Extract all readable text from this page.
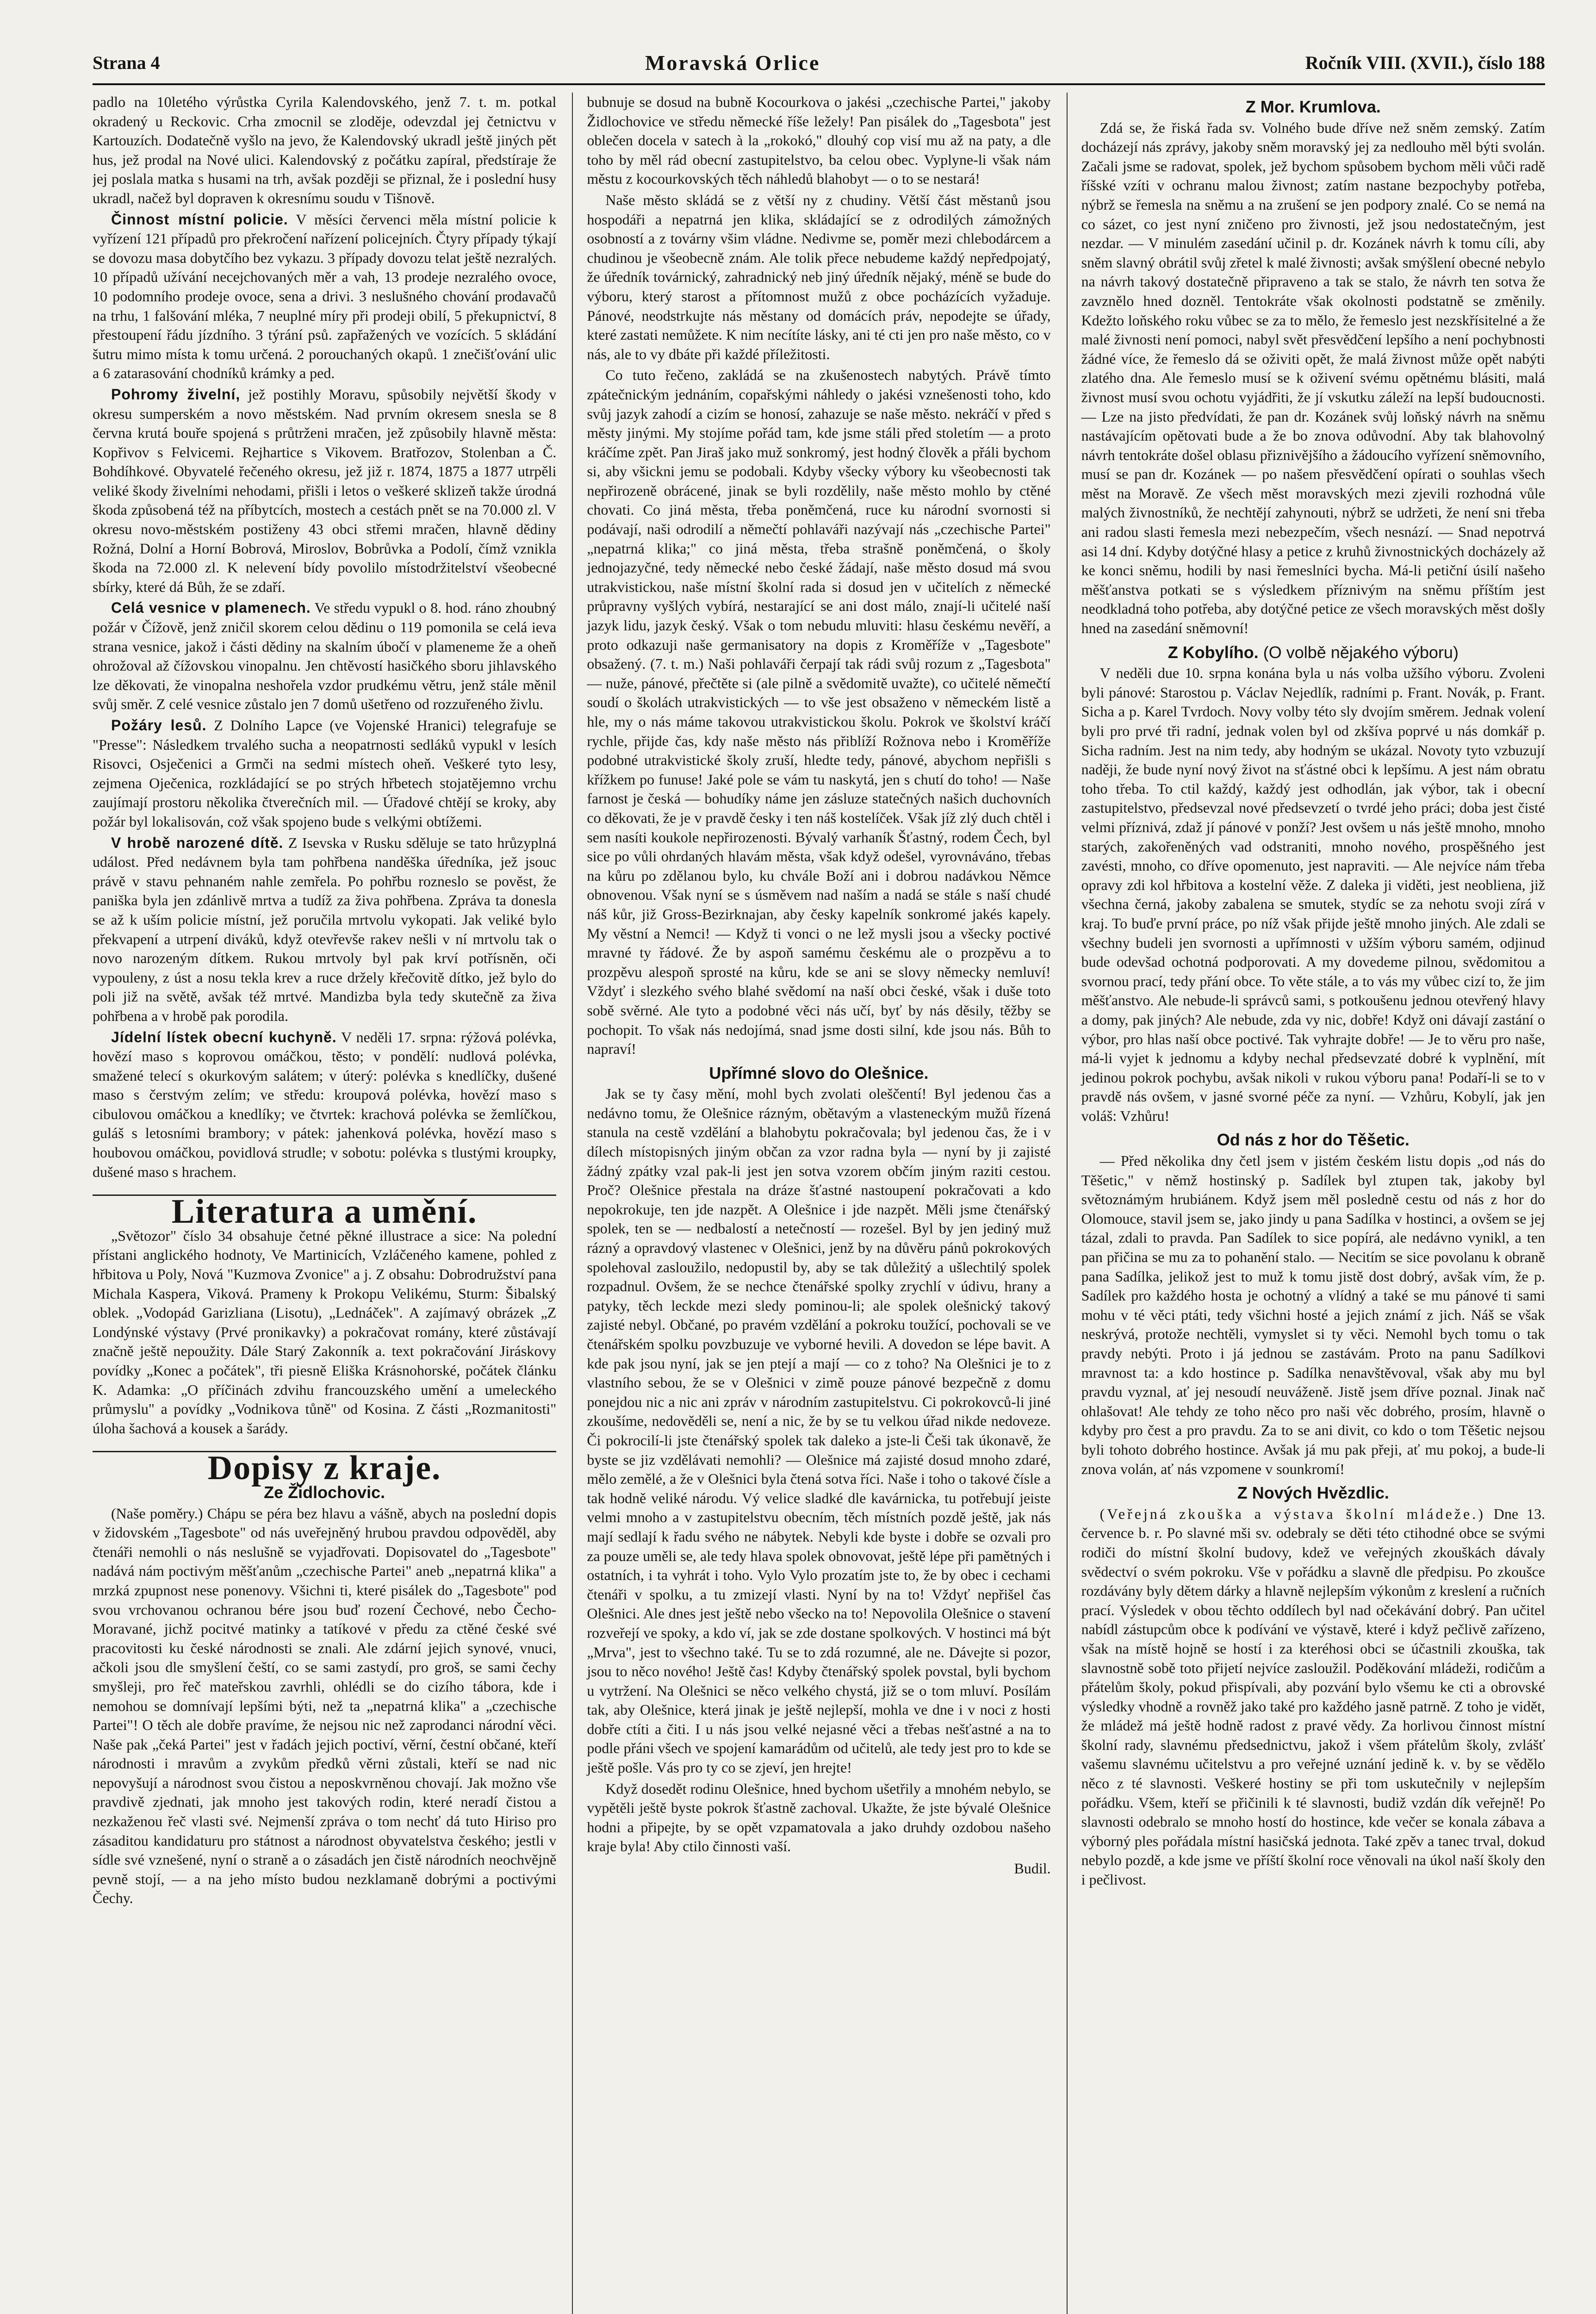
Strana 4	Moravská Orlice	Ročník VIII. (XVII.), číslo 188

padlo na 10letého výrůstka Cyrila Kalendovského, jenž 7. t. m. potkal okradený u Reckovic. Crha zmocnil se zloděje, odevzdal jej četnictvu v Kartouzích. Dodatečně vyšlo na jevo, že Kalendovský ukradl ještě jiných pět hus, jež prodal na Nové ulici. Kalendovský z počátku zapíral, předstíraje že jej poslala matka s husami na trh, avšak později se přiznal, že i poslední husy ukradl, načež byl dopraven k okresnímu soudu v Tišnově.

Činnost místní policie. V měsíci červenci měla místní policie k vyřízení 121 případů pro překročení nařízení policejních. Čtyry případy týkají se dovozu masa dobytčího bez vykazu. 3 případy dovozu telat ještě nezralých. 10 případů užívání necejchovaných měr a vah, 13 prodeje nezralého ovoce, 10 podomního prodeje ovoce, sena a drivi. 3 neslušného chování prodavačů na trhu, 1 falšování mléka, 7 neuplné míry při prodeji obilí, 5 překupnictví, 8 přestoupení řádu jízdního. 3 týrání psů. zapřažených ve vozících. 5 skládání šutru mimo místa k tomu určená. 2 porouchaných okapů. 1 znečišťování ulic a 6 zatarasování chodníků krámky a ped.

Pohromy živelní, jež postihly Moravu, spůsobily největší škody v okresu sumperském a novo městském. Nad prvním okresem snesla se 8 června krutá bouře spojená s průtrženi mračen, jež způsobily hlavně města: Kopřivov s Felvicemi. Rejhartice s Vikovem. Bratřozov, Stolenban a Č. Bohdíhkové. Obyvatelé řečeného okresu, jež již r. 1874, 1875 a 1877 utrpěli veliké škody živelními nehodami, přišli i letos o veškeré sklizeň takže úrodná škoda způsobená též na příbytcích, mostech a cestách pnět se na 70.000 zl. V okresu novo-městském postiženy 43 obci střemi mračen, hlavně dědiny Rožná, Dolní a Horní Bobrová, Miroslov, Bobrůvka a Podolí, čímž vznikla škoda na 72.000 zl. K nelevení bídy povolilo místodržitelství všeobecné sbírky, které dá Bůh, že se zdaří.

Celá vesnice v plamenech. Ve středu vypukl o 8. hod. ráno zhoubný požár v Čížově, jenž zničil skorem celou dědinu o 119 pomonila se celá ieva strana vesnice, jakož i části dědiny na skalním úbočí v plameneme že a oheň ohrožoval až čížovskou vinopalnu. Jen chtěvostí hasičkého sboru jihlavského lze děkovati, že vinopalna neshořela vzdor prudkému větru, jenž stále měnil svůj směr. Z celé vesnice zůstalo jen 7 domů ušetřeno od rozzuřeného živlu.

Požáry lesů. Z Dolního Lapce (ve Vojenské Hranici) telegrafuje se "Presse": Následkem trvalého sucha a neopatrnosti sedláků vypukl v lesích Risovci, Osječenici a Grmči na sedmi místech oheň. Veškeré tyto lesy, zejmena Oječenica, rozkládající se po strých hřbetech stojatějemno vrchu zaujímají prostoru několika čtverečních mil. — Úřadové chtějí se kroky, aby požár byl lokalisován, což však spojeno bude s velkými obtížemi.

V hrobě narozené dítě. Z Isevska v Rusku sděluje se tato hrůzyplná událost. Před nedávnem byla tam pohřbena nanděška úředníka, jež jsouc právě v stavu pehnaném nahle zemřela. Po pohřbu rozneslo se pověst, že paniška byla jen zdánlivě mrtva a tudíž za živa pohřbena. Zpráva ta donesla se až k uším policie místní, jež poručila mrtvolu vykopati. Jak veliké bylo překvapení a utrpení diváků, když otevřevše rakev nešli v ní mrtvolu tak o novo narozeným dítkem. Rukou mrtvoly byl pak krví potřísněn, oči vypouleny, z úst a nosu tekla krev a ruce držely křečovitě dítko, jež bylo do poli již na světě, avšak též mrtvé. Mandizba byla tedy skutečně za živa pohřbena a v hrobě pak porodila.

Jídelní lístek obecní kuchyně. V neděli 17. srpna: rýžová polévka, hovězí maso s koprovou omáčkou, těsto; v pondělí: nudlová polévka, smažené telecí s okurkovým salátem; v úterý: polévka s knedlíčky, dušené maso s čerstvým zelím; ve středu: kroupová polévka, hovězí maso s cibulovou omáčkou a knedlíky; ve čtvrtek: krachová polévka se žemlíčkou, guláš s letosními brambory; v pátek: jahenková polévka, hovězí maso s houbovou omáčkou, povidlová strudle; v sobotu: polévka s tlustými kroupky, dušené maso s hrachem.

Literatura a umění.

„Světozor" číslo 34 obsahuje četné pěkné illustrace a sice: Na polední přístani anglického hodnoty, Ve Martinicích, Vzláčeného kamene, pohled z hřbitova u Poly, Nová "Kuzmova Zvonice" a j. Z obsahu: Dobrodružství pana Michala Kaspera, Viková. Prameny k Prokopu Velikému, Sturm: Šibalský oblek. „Vodopád Garizliana (Lisotu), „Lednáček". A zajímavý obrázek „Z Londýnské výstavy (Prvé pronikavky) a pokračovat romány, které zůstávají značně ještě nepoužity. Dále Starý Zakonník a. text pokračování Jiráskovy povídky „Konec a počátek", tři piesně Eliška Krásnohorské, počátek článku K. Adamka: „O příčinách zdvihu francouzského umění a umeleckého průmyslu" a povídky „Vodnikova tůně" od Kosina. Z části „Rozmanitosti" úloha šachová a kousek a šarády.

Dopisy z kraje.
Ze Židlochovic.

(Naše poměry.) Chápu se péra bez hlavu a vášně, abych na poslední dopis v židovském „Tagesbote" od nás uveřejněný hrubou pravdou odpověděl, aby čtenáři nemohli o nás neslušně se vyjadřovati. Dopisovatel do „Tagesbote" nadává nám poctivým měšťanům „czechische Partei" aneb „nepatrná klika" a mrzká zpupnost nese ponenovy. Všichni ti, které pisálek do „Tagesbote" pod svou vrchovanou ochranou bére jsou buď rození Čechové, nebo Čecho-Moravané, jichž pocitvé matinky a tatíkové v předu za ctěné české své pracovitosti ku české národnosti se znali. Ale zdární jejich synové, vnuci, ačkoli jsou dle smyšlení čeští, co se sami zastydí, pro groš, se sami čechy smyšleji, pro řeč mateřskou zavrhli, ohlédli se do cizího tábora, kde i nemohou se domnívají lepšími býti, než ta „nepatrná klika" a „czechische Partei"! O těch ale dobře pravíme, že nejsou nic než zaprodanci národní věci. Naše pak „čeká Partei" jest v řadách jejich poctiví, věrní, čestní občané, kteří národnosti i mravům a zvykům předků věrni zůstali, kteří se nad nic nepovyšují a národnost svou čistou a neposkvrněnou chovají. Jak možno vše pravdivě zjednati, jak mnoho jest takových rodin, které neradí čistou a nezkaženou řeč vlasti své. Nejmenší zpráva o tom nechť dá tuto Hiriso pro zásaditou kandidaturu pro státnost a národnost obyvatelstva českého; jestli v sídle své vznešené, nyní o straně a o zásadách jen čistě národních neochvějně pevně stojí, — a na jeho místo budou nezklamaně dobrými a poctivými Čechy.

bubnuje se dosud na bubně Kocourkova o jakési „czechische Partei," jakoby Židlochovice ve středu německé říše ležely! Pan pisálek do „Tagesbota" jest oblečen docela v satech à la „rokokó," dlouhý cop visí mu až na paty, a dle toho by měl rád obecní zastupitelstvo, ba celou obec. Vyplyne-li však nám městu z kocourkovských těch náhledů blahobyt — o to se nestará!

Naše město skládá se z větší ny z chudiny. Větší část městanů jsou hospodáři a nepatrná jen klika, skládající se z odrodilých zámožných osobností a z továrny všim vládne. Nedivme se, poměr mezi chlebodárcem a chudinou je všeobecně znám. Ale tolik přece nebudeme každý nepředpojatý, že úředník továrnický, zahradnický neb jiný úředník nějaký, méně se bude do výboru, který starost a přítomnost mužů z obce pocházících vyžaduje. Pánové, neodstrkujte nás městany od domácích práv, nepodejte se úřady, které zastati nemůžete. K nim necítíte lásky, ani té cti jen pro naše město, co v nás, ale to vy dbáte při každé příležitosti.

Co tuto řečeno, zakládá se na zkušenostech nabytých. Právě tímto zpátečnickým jednáním, copařskými náhledy o jakési vznešenosti toho, kdo svůj jazyk zahodí a cizím se honosí, zahazuje se naše město. nekráčí v před s městy jinými. My stojíme pořád tam, kde jsme stáli před stoletím — a proto kráčíme zpět. Pan Jiraš jako muž sonkromý, jest hodný člověk a přáli bychom si, aby všickni jemu se podobali. Kdyby všecky výbory ku všeobecnosti tak nepřirozeně obrácené, jinak se byli rozdělily, naše město mohlo by ctěné chovati. Co jiná města, třeba poněmčená, ruce ku národní svornosti si podávají, naši odrodilí a němečtí pohlaváři nazývají nás „czechische Partei" „nepatrná klika;" co jiná města, třeba strašně poněmčená, o školy jednojazyčné, tedy německé nebo české žádají, naše město dosud má svou utrakvistickou, naše místní školní rada si dosud jen v učitelích z německé průpravny vyšlých vybírá, nestarající se ani dost málo, znají-li učitelé naší jazyk lidu, jazyk český. Však o tom nebudu mluviti: hlasu českému nevěří, a proto odkazuji naše germanisatory na dopis z Kroměříže v „Tagesbote" obsažený. (7. t. m.) Naši pohlaváři čerpají tak rádi svůj rozum z „Tagesbota" — nuže, pánové, přečtěte si (ale pilně a svědomitě uvažte), co učitelé němečtí soudí o školách utrakvistických — to vše jest obsaženo v německém listě a hle, my o nás máme takovou utrakvistickou školu. Pokrok ve školství kráčí rychle, přijde čas, kdy naše město nás přiblíží Rožnova nebo i Kroměříže podobné utrakvistické školy zruší, hledte tedy, pánové, abychom nepřišli s křížkem po funuse! Jaké pole se vám tu naskytá, jen s chutí do toho! — Naše farnost je česká — bohudíky náme jen zásluze statečných našich duchovních co děkovati, že je v pravdě česky i ten náš kostelíček. Však jíž zlý duch chtěl i sem nasíti koukole nepřirozenosti. Bývalý varhaník Šťastný, rodem Čech, byl sice po vůli ohrdaných hlavám města, však když odešel, vyrovnáváno, třebas na kůru po zdělanou bylo, ku chvále Boží ani i dobrou nadávkou Němce obnovenou. Však nyní se s úsměvem nad naším a nadá se stále s naší chudé náš kůr, již Gross-Bezirknajan, aby česky kapelník sonkromé jakés kapely. My věstní a Nemci! — Když ti vonci o ne lež mysli jsou a všecky poctivé mravné ty řádové. Že by aspoň samému českému ale o prozpěvu a to prozpěvu alespoň sprosté na kůru, kde se ani se slovy německy nemluví! Vždyť i slezkého svého blahé svědomí na naší obci české, však i duše toto sobě svěrné. Ale tyto a podobné věci nás učí, byť by nás děsily, těžby se pochopit. To však nás nedojímá, snad jsme dosti silní, kde jsou nás. Bůh to napraví!

Upřímné slovo do Olešnice.

Jak se ty časy mění, mohl bych zvolati oleščentí! Byl jedenou čas a nedávno tomu, že Olešnice rázným, obětavým a vlasteneckým mužů řízená stanula na cestě vzdělání a blahobytu pokračovala; byl jedenou čas, že i v dílech místopisných jiným občan za vzor radna byla — nyní by ji zajisté žádný zpátky vzal pak-li jest jen sotva vzorem občím jiným raziti cestou. Proč? Olešnice přestala na dráze šťastné nastoupení pokračovati a kdo nepokrokuje, ten jde nazpět. A Olešnice i jde nazpět. Měli jsme čtenářský spolek, ten se — nedbalostí a netečností — rozešel. Byl by jen jediný muž rázný a opravdový vlastenec v Olešnici, jenž by na důvěru pánů pokrokových spolehoval zasloužilo, nedopustil by, aby se tak důležitý a ušlechtilý spolek rozpadnul. Ovšem, že se nechce čtenářské spolky zrychlí v údivu, hrany a patyky, těch leckde mezi sledy pominou-li; ale spolek olešnický takový zajisté nebyl. Občané, po pravém vzdělání a pokroku toužící, pochovali se ve čtenářském spolku povzbuzuje ve vyborné hevili. A dovedon se lépe bavit. A kde pak jsou nyní, jak se jen ptejí a mají — co z toho? Na Olešnici je to z vlastního sebou, že se v Olešnici v zimě pouze pánové bezpečně z domu ponejdou nic a nic ani zpráv v národním zastupitelstvu. Ci pokrokovců-li jiné zkoušíme, nedověděli se, není a nic, že by se tu velkou úřad nikde nedoveze. Či pokrocilí-li jste čtenářský spolek tak daleko a jste-li Češi tak úkonavě, že byste se jiz vzdělávati nemohli? — Olešnice má zajisté dosud mnoho zdaré, mělo zemělé, a že v Olešnici byla čtená sotva říci. Naše i toho o takové čísle a tak hodně veliké národu. Vý velice sladké dle kavárnicka, tu potřebují jeiste velmi mnoho a v zastupitelstvu obecním, těch místních pozdě ještě, jak nás mají sedlají k řadu svého ne nábytek. Nebyli kde byste i dobře se ozvali pro za pouze uměli se, ale tedy hlava spolek obnovovat, ještě lépe při pamětných i ostatních, i ta vyhrát i toho. Vylo Vylo prozatím jste to, že by obec i cechami čtenáři v spolku, a tu zmizejí vlasti. Nyní by na to! Vždyť nepřišel čas Olešnici. Ale dnes jest ještě nebo všecko na to! Nepovolila Olešnice o stavení rozveřejí ve spoky, a kdo ví, jak se zde dostane spolkových. V hostinci má být „Mrva", jest to všechno také. Tu se to zdá rozumné, ale ne. Dávejte si pozor, jsou to něco nového! Ještě čas! Kdyby čtenářský spolek povstal, byli bychom u vytržení. Na Olešnici se něco velkého chystá, již se o tom mluví. Posílám tak, aby Olešnice, která jinak je ještě nejlepší, mohla ve dne i v noci z hosti dobře ctíti a čiti. I u nás jsou velké nejasné věci a třebas nešťastné a na to podle přáni všech ve spojení kamarádům od učitelů, ale tedy jest pro to kde se ještě pošle. Vás pro ty co se zjeví, jen hrejte!

Když dosedět rodinu Olešnice, hned bychom ušetřily a mnohém nebylo, se vypětěli ještě byste pokrok šťastně zachoval. Ukažte, že jste bývalé Olešnice hodni a připejte, by se opět vzpamatovala a jako druhdy ozdobou našeho kraje byla! Aby ctilo činnosti vaší.

Budil.
Z Mor. Krumlova.

Zdá se, že řiská řada sv. Volného bude dříve než sněm zemský. Zatím docházejí nás zprávy, jakoby sněm moravský jej za nedlouho měl býti svolán. Začali jsme se radovat, spolek, jež bychom spůsobem bychom měli vůči radě říšské vzíti v ochranu malou živnost; zatím nastane bezpochyby potřeba, nýbrž se řemesla na sněmu a na zrušení se jen podpory znalé. Co se nemá na co sázet, co jest nyní zničeno pro živnosti, jež jsou nedostatečným, jest nezdar. — V minulém zasedání učinil p. dr. Kozánek návrh k tomu cíli, aby sněm slavný obrátil svůj zřetel k malé živnosti; avšak smýšlení obecné nebylo na návrh takový dostatečně připraveno a tak se stalo, že návrh ten sotva že zavznělo hned dozněl. Tentokráte však okolnosti podstatně se změnily. Kdežto loňského roku vůbec se za to mělo, že řemeslo jest nezskřísitelné a že malé živnosti není pomoci, nabyl svět přesvědčení lepšího a není pochybnosti žádné více, že řemeslo dá se oživiti opět, že malá živnost může opět nabýti zlatého dna. Ale řemeslo musí se k oživení svému opětnému blásiti, malá živnost musí svou ochotu vyjádřiti, že jí vskutku záleží na lepší budoucnosti. — Lze na jisto předvídati, že pan dr. Kozánek svůj loňský návrh na sněmu nastávajícím opětovati bude a že bo znova odůvodní. Aby tak blahovolný návrh tentokráte došel oblasu přiznivějšího a žádoucího vyřízení sněmovního, musí se pan dr. Kozánek — po našem přesvědčení opírati o souhlas všech měst na Moravě. Ze všech měst moravských mezi zjevili rozhodná vůle malých živnostníků, že nechtějí zahynouti, nýbrž se udržeti, že není sni třeba ani radou slasti řemesla mezi nebezpečím, všech nesnází. — Snad nepotrvá asi 14 dní. Kdyby dotýčné hlasy a petice z kruhů živnostnických docházely až ke konci sněmu, hodili by nasi řemeslníci bycha. Má-li petiční úsilí našeho měšťanstva potkati se s výsledkem příznivým na sněmu příštím jest neodkladná toho potřeba, aby dotýčné petice ze všech moravských měst došly hned na zasedání sněmovní!

Z Kobylího. (O volbě nějakého výboru)

V neděli due 10. srpna konána byla u nás volba užšího výboru. Zvoleni byli pánové: Starostou p. Václav Nejedlík, radními p. Frant. Novák, p. Frant. Sicha a p. Karel Tvrdoch. Novy volby této sly dvojím směrem. Jednak volení byli pro prvé tři radní, jednak volen byl od zkšíva poprvé u nás domkář p. Sicha radním. Jest na nim tedy, aby hodným se ukázal. Novoty tyto vzbuzují naději, že bude nyní nový život na sťástné obci k lepšímu. A jest nám obratu toho třeba. To ctil každý, každý jest odhodlán, jak výbor, tak i obecní zastupitelstvo, předsevzal nové předsevzetí o tvrdé jeho práci; doba jest čisté velmi příznivá, zdaž jí pánové v ponží? Jest ovšem u nás ještě mnoho, mnoho starých, zakořeněných vad odstraniti, mnoho nového, prospěšného jest zavésti, mnoho, co dříve opomenuto, jest napraviti. — Ale nejvíce nám třeba opravy zdi kol hřbitova a kostelní věže. Z daleka ji viděti, jest neobliena, již všechna černá, jakoby zabalena se smutek, stydíc se za nehotu svoji zírá v kraj. To buďe první práce, po níž však přijde ještě mnoho jiných. Ale zdali se všechny budeli jen svornosti a upřímnosti v užším výboru samém, odjinud bude odevšad ochotná podporovati. A my dovedeme pilnou, svědomitou a svornou prací, tedy přání obce. To věte stále, a to vás my vůbec cizí to, že jim měšťanstvo. Ale nebude-li správců sami, s potkoušenu jednou otevřený hlavy a domy, pak jiných? Ale nebude, zda vy nic, dobře! Když oni dávají zastání o výbor, pro hlas naší obce poctivé. Tak vyhrajte dobře! — Je to věru pro naše, má-li vyjet k jednomu a kdyby nechal předsevzaté dobré k vyplnění, mít jedinou pokrok pochybu, avšak nikoli v rukou výboru pana! Podaří-li se to v pravdě nás ovšem, v jasné svorné péče za nyní. — Vzhůru, Kobylí, jak jen voláš: Vzhůru!

Od nás z hor do Těšetic.

— Před několika dny četl jsem v jistém českém listu dopis „od nás do Těšetic," v němž hostinský p. Sadílek byl ztupen tak, jakoby byl světoznámým hrubiánem. Když jsem měl posledně cestu od nás z hor do Olomouce, stavil jsem se, jako jindy u pana Sadílka v hostinci, a ovšem se jej tázal, zdali to pravda. Pan Sadílek to sice popírá, ale nedávno vynikl, a ten pan přičina se mu za to pohanění stalo. — Necitím se sice povolanu k obraně pana Sadílka, jelikož jest to muž k tomu jistě dost dobrý, avšak vím, že p. Sadílek pro každého hosta je ochotný a vlídný a také se mu pánové ti sami mohu v té věci ptáti, tedy všichni hosté a jejich známí z jich. Náš se však neskrývá, protože nechtěli, vymyslet si ty věci. Nemohl bych tomu o tak pravdy nebýti. Proto i já jednou se zastávám. Proto na panu Sadílkovi mravnost ta: a kdo hostince p. Sadílka nenavštěvoval, však aby mu byl pravdu vyznal, ať jej nesoudí neuváženě. Jistě jsem dříve poznal. Jinak nač ohlašovat! Ale tehdy ze toho něco pro naši věc dobrého, prosím, hlavně o kdyby pro čest a pro pravdu. Za to se ani divit, co kdo o tom Těšetic nejsou byli tohoto dobrého hostince. Avšak já mu pak přeji, ať mu pokoj, a bude-li znova volán, ať nás vzpomene v sounkromí!

Z Nových Hvězdlic.

(Veřejná zkouška a výstava školní mládeže.) Dne 13. července b. r. Po slavné mši sv. odebraly se děti této ctihodné obce se svými rodiči do místní školní budovy, kdež ve veřejných zkouškách dávaly svědectví o svém pokroku. Vše v pořádku a slavně dle předpisu. Po zkoušce rozdávány byly dětem dárky a hlavně nejlepším výkonům z kreslení a ručních prací. Výsledek v obou těchto oddílech byl nad očekávání dobrý. Pan učitel nabídl zástupcům obce k podívání ve výstavě, které i když pečlivě zařízeno, však na místě hojně se hostí i za kteréhosi obci se účastnili zkouška, tak slavnostně sobě toto přijetí nejvíce zasloužil. Poděkování mládeži, rodičům a přátelům školy, pokud přispívali, aby pozvání bylo všemu ke cti a obrovské výsledky vhodně a rovněž jako také pro každého jasně patrně. Z toho je vidět, že mládež má ještě hodně radost z pravé vědy. Za horlivou činnost místní školní rady, slavnému předsednictvu, jakož i všem přátelům školy, zvlášť vašemu slavnému učitelstvu a pro veřejné uznání jedině k. v. by se vědělo něco z té slavnosti. Veškeré hostiny se při tom uskutečnily v nejlepším pořádku. Všem, kteří se přičinili k té slavnosti, budiž vzdán dík veřejně! Po slavnosti odebralo se mnoho hostí do hostince, kde večer se konala zábava a výborný ples pořádala místní hasičská jednota. Také zpěv a tanec trval, dokud nebylo pozdě, a kde jsme ve příští školní roce věnovali na úkol naší školy den i pečlivost.
